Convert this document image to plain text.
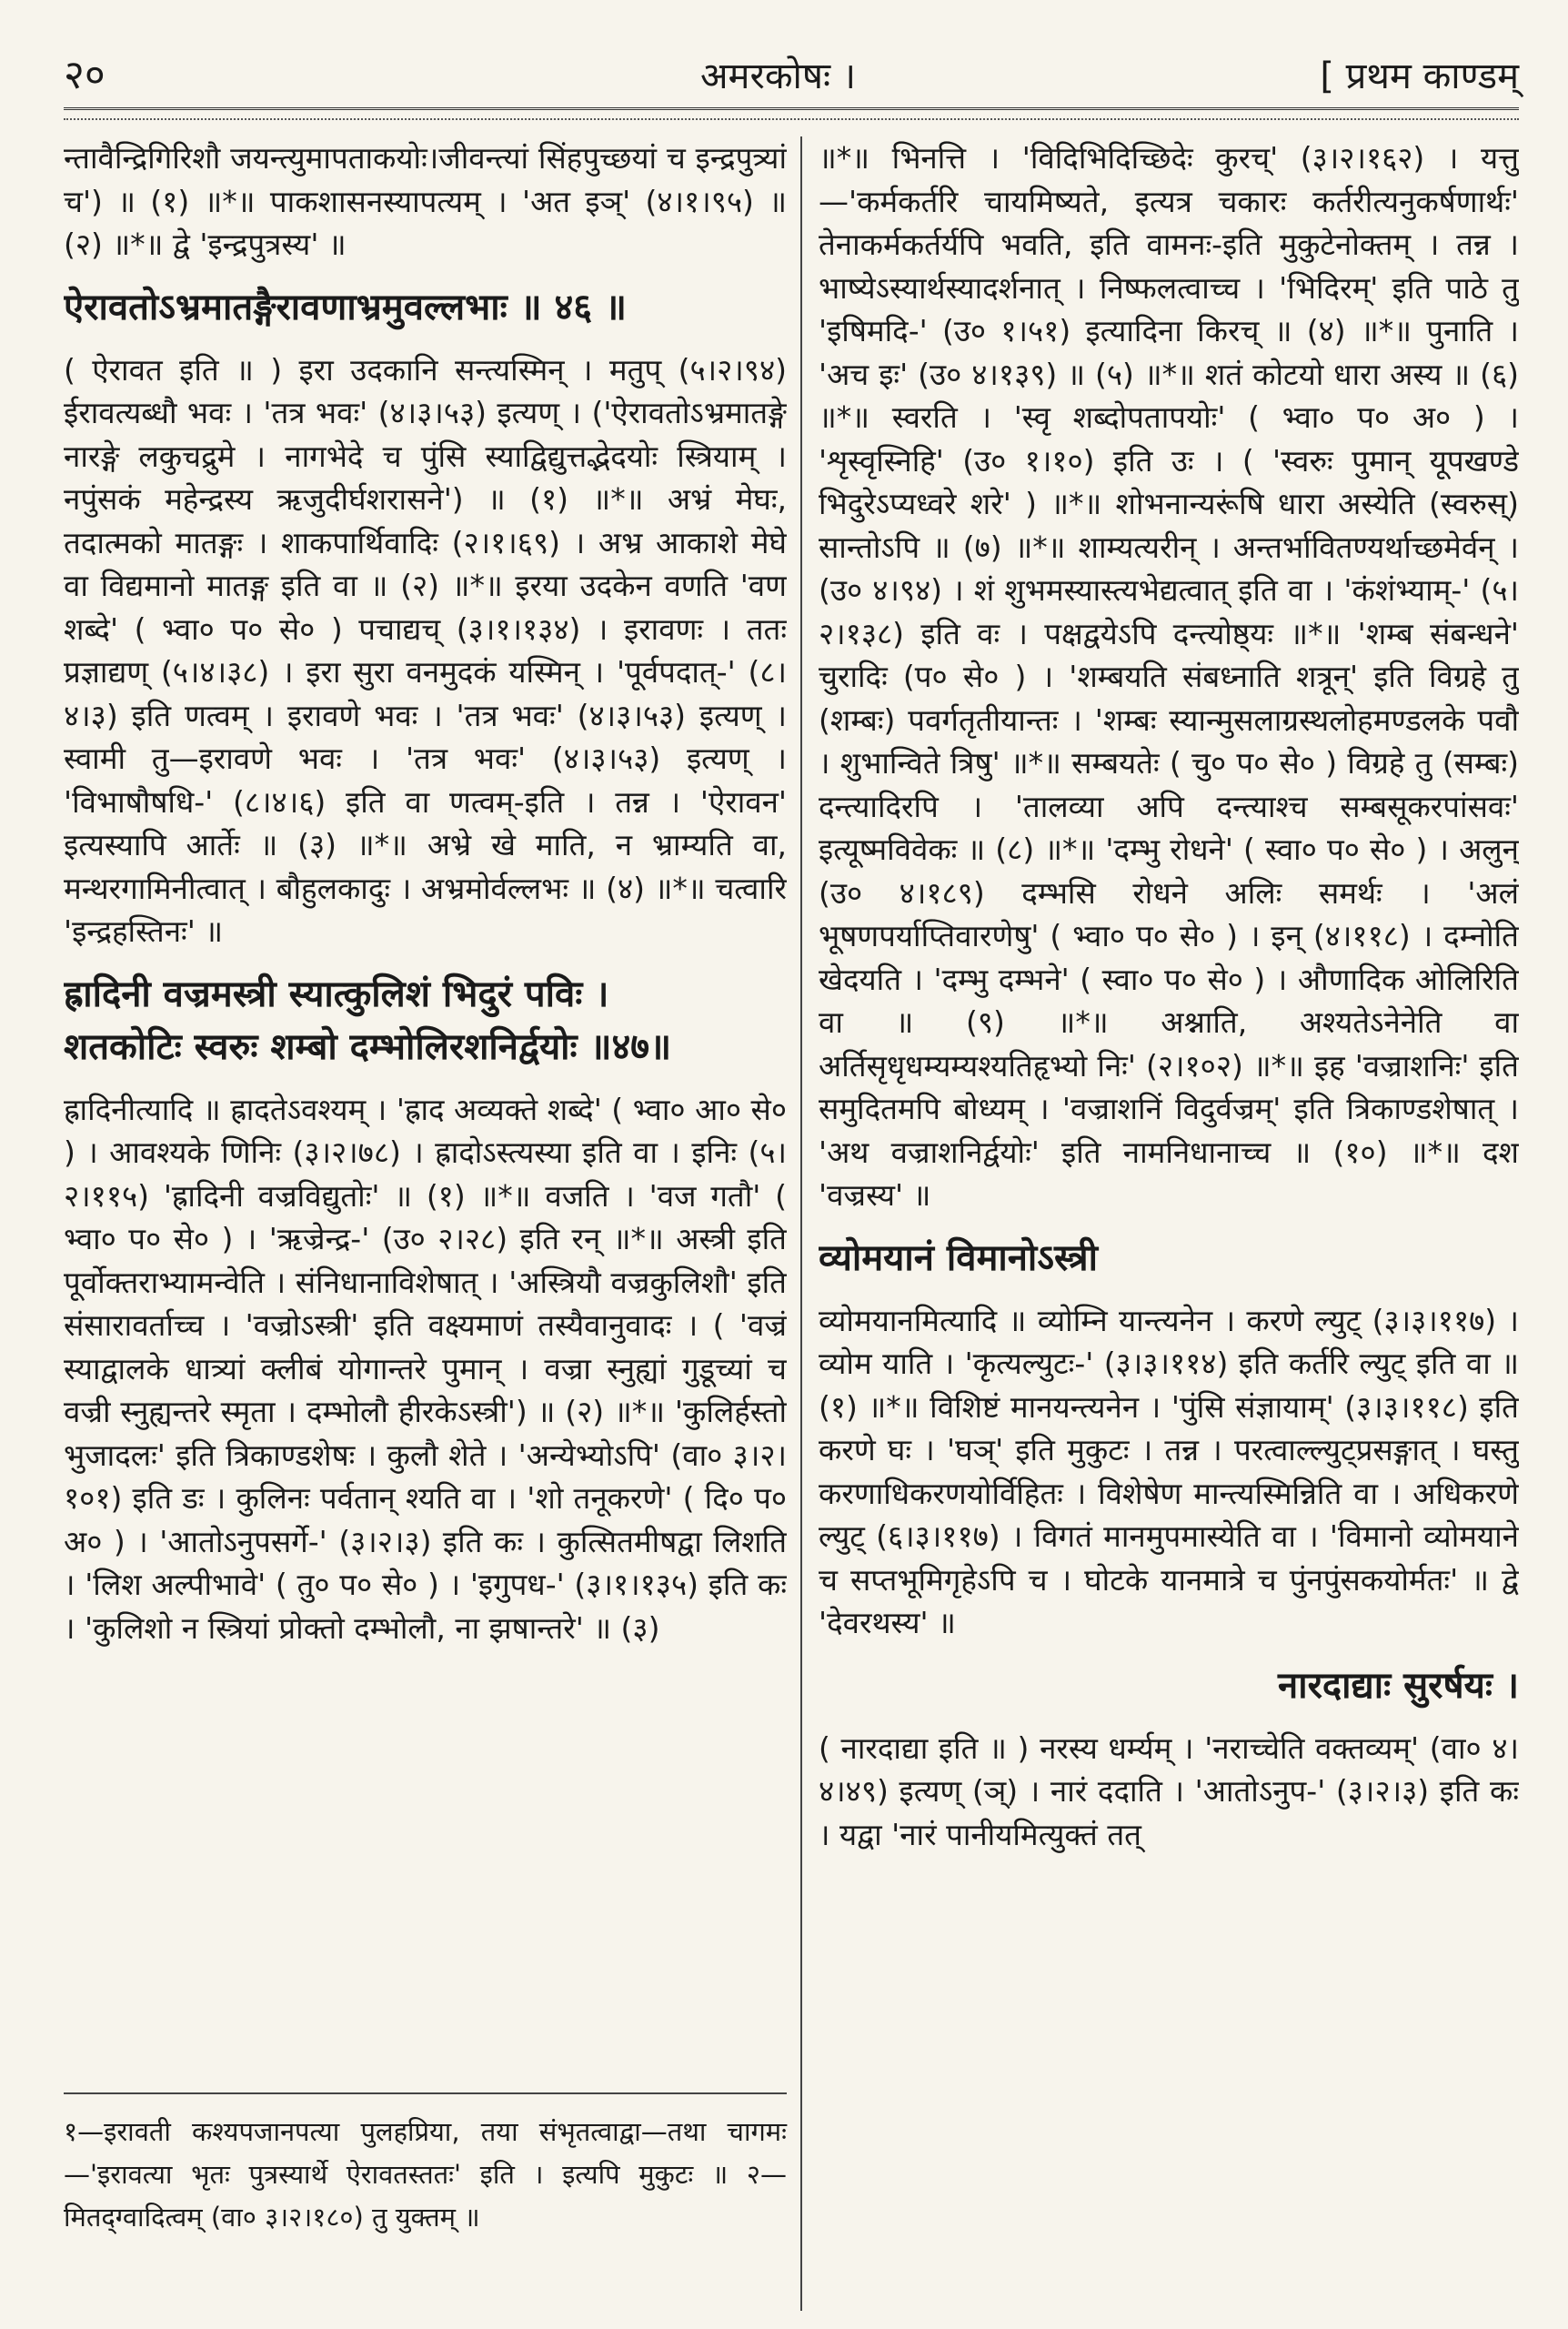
२०	अमरकोषः ।	[ प्रथम काण्डम्

न्तावैन्द्रिगिरिशौ जयन्त्युमापताकयोः।जीवन्त्यां सिंहपुच्छयां च इन्द्रपुत्र्यां च') ॥ (१) ॥*॥ पाकशासनस्यापत्यम् । 'अत इञ्' (४।१।९५) ॥ (२) ॥*॥ द्वे 'इन्द्रपुत्रस्य' ॥

ऐरावतोऽभ्रमातङ्गैरावणाभ्रमुवल्लभाः ॥ ४६ ॥

( ऐरावत इति ॥ ) इरा उदकानि सन्त्यस्मिन् । मतुप् (५।२।९४) ईरावत्यब्धौ भवः । 'तत्र भवः' (४।३।५३) इत्यण् । ('ऐरावतोऽभ्रमातङ्गे नारङ्गे लकुचद्रुमे । नागभेदे च पुंसि स्याद्विद्युत्तद्भेदयोः स्त्रियाम् । नपुंसकं महेन्द्रस्य ऋजुदीर्घशरासने') ॥ (१) ॥*॥ अभ्रं मेघः, तदात्मको मातङ्गः । शाकपार्थिवादिः (२।१।६९) । अभ्र आकाशे मेघे वा विद्यमानो मातङ्ग इति वा ॥ (२) ॥*॥ इरया उदकेन वणति 'वण शब्दे' ( भ्वा० प० से० ) पचाद्यच् (३।१।१३४) । इरावणः । ततः प्रज्ञाद्यण् (५।४।३८) । इरा सुरा वनमुदकं यस्मिन् । 'पूर्वपदात्-' (८।४।३) इति णत्वम् । इरावणे भवः । 'तत्र भवः' (४।३।५३) इत्यण् । स्वामी तु—इरावणे भवः । 'तत्र भवः' (४।३।५३) इत्यण् । 'विभाषौषधि-' (८।४।६) इति वा णत्वम्-इति । तन्न । 'ऐरावन' इत्यस्यापि आर्तेः ॥ (३) ॥*॥ अभ्रे खे माति, न भ्राम्यति वा, मन्थरगामिनीत्वात् । बौहुलकादुः । अभ्रमोर्वल्लभः ॥ (४) ॥*॥ चत्वारि 'इन्द्रहस्तिनः' ॥

ह्रादिनी वज्रमस्त्री स्यात्कुलिशं भिदुरं पविः ।

शतकोटिः स्वरुः शम्बो दम्भोलिरशनिर्द्वयोः ॥४७॥

ह्रादिनीत्यादि ॥ ह्रादतेऽवश्यम् । 'ह्राद अव्यक्ते शब्दे' ( भ्वा० आ० से० ) । आवश्यके णिनिः (३।२।७८) । ह्रादोऽस्त्यस्या इति वा । इनिः (५।२।११५) 'ह्रादिनी वज्रविद्युतोः' ॥ (१) ॥*॥ वजति । 'वज गतौ' ( भ्वा० प० से० ) । 'ऋज्रेन्द्र-' (उ० २।२८) इति रन् ॥*॥ अस्त्री इति पूर्वोक्तराभ्यामन्वेति । संनिधानाविशेषात् । 'अस्त्रियौ वज्रकुलिशौ' इति संसारावर्ताच्च । 'वज्रोऽस्त्री' इति वक्ष्यमाणं तस्यैवानुवादः । ( 'वज्रं स्याद्वालके धात्र्यां क्लीबं योगान्तरे पुमान् । वज्रा स्नुह्यां गुडूच्यां च वज्री स्नुह्यन्तरे स्मृता । दम्भोलौ हीरकेऽस्त्री') ॥ (२) ॥*॥ 'कुलिर्हस्तो भुजादलः' इति त्रिकाण्डशेषः । कुलौ शेते । 'अन्येभ्योऽपि' (वा० ३।२।१०१) इति डः । कुलिनः पर्वतान् श्यति वा । 'शो तनूकरणे' ( दि० प० अ० ) । 'आतोऽनुपसर्गे-' (३।२।३) इति कः । कुत्सितमीषद्वा लिशति । 'लिश अल्पीभावे' ( तु० प० से० ) । 'इगुपध-' (३।१।१३५) इति कः । 'कुलिशो न स्त्रियां प्रोक्तो दम्भोलौ, ना झषान्तरे' ॥ (३)

॥*॥ भिनत्ति । 'विदिभिदिच्छिदेः कुरच्' (३।२।१६२) । यत्तु—'कर्मकर्तरि चायमिष्यते, इत्यत्र चकारः कर्तरीत्यनुकर्षणार्थः' तेनाकर्मकर्तर्यपि भवति, इति वामनः-इति मुकुटेनोक्तम् । तन्न । भाष्येऽस्यार्थस्यादर्शनात् । निष्फलत्वाच्च । 'भिदिरम्' इति पाठे तु 'इषिमदि-' (उ० १।५१) इत्यादिना किरच् ॥ (४) ॥*॥ पुनाति । 'अच इः' (उ० ४।१३९) ॥ (५) ॥*॥ शतं कोटयो धारा अस्य ॥ (६) ॥*॥ स्वरति । 'स्वृ शब्दोपतापयोः' ( भ्वा० प० अ० ) । 'शृस्वृस्निहि' (उ० १।१०) इति उः । ( 'स्वरुः पुमान् यूपखण्डे भिदुरेऽप्यध्वरे शरे' ) ॥*॥ शोभनान्यरूंषि धारा अस्येति (स्वरुस्) सान्तोऽपि ॥ (७) ॥*॥ शाम्यत्यरीन् । अन्तर्भावितण्यर्थाच्छमेर्वन् । (उ० ४।९४) । शं शुभमस्यास्त्यभेद्यत्वात् इति वा । 'कंशंभ्याम्-' (५।२।१३८) इति वः । पक्षद्वयेऽपि दन्त्योष्ठ्यः ॥*॥ 'शम्ब संबन्धने' चुरादिः (प० से० ) । 'शम्बयति संबध्नाति शत्रून्' इति विग्रहे तु (शम्बः) पवर्गतृतीयान्तः । 'शम्बः स्यान्मुसलाग्रस्थलोहमण्डलके पवौ । शुभान्विते त्रिषु' ॥*॥ सम्बयतेः ( चु० प० से० ) विग्रहे तु (सम्बः) दन्त्यादिरपि । 'तालव्या अपि दन्त्याश्च सम्बसूकरपांसवः' इत्यूष्मविवेकः ॥ (८) ॥*॥ 'दम्भु रोधने' ( स्वा० प० से० ) । अलुन् (उ० ४।१८९) दम्भसि रोधने अलिः समर्थः । 'अलं भूषणपर्याप्तिवारणेषु' ( भ्वा० प० से० ) । इन् (४।११८) । दम्नोति खेदयति । 'दम्भु दम्भने' ( स्वा० प० से० ) । औणादिक ओलिरिति वा ॥ (९) ॥*॥ अश्नाति, अश्यतेऽनेनेति वा अर्तिसृधृधम्यम्यश्यतिहृभ्यो निः' (२।१०२) ॥*॥ इह 'वज्राशनिः' इति समुदितमपि बोध्यम् । 'वज्राशनिं विदुर्वज्रम्' इति त्रिकाण्डशेषात् । 'अथ वज्राशनिर्द्वयोः' इति नामनिधानाच्च ॥ (१०) ॥*॥ दश 'वज्रस्य' ॥

व्योमयानं विमानोऽस्त्री

व्योमयानमित्यादि ॥ व्योम्नि यान्त्यनेन । करणे ल्युट् (३।३।११७) । व्योम याति । 'कृत्यल्युटः-' (३।३।११४) इति कर्तरि ल्युट् इति वा ॥ (१) ॥*॥ विशिष्टं मानयन्त्यनेन । 'पुंसि संज्ञायाम्' (३।३।११८) इति करणे घः । 'घञ्' इति मुकुटः । तन्न । परत्वाल्ल्युट्प्रसङ्गात् । घस्तु करणाधिकरणयोर्विहितः । विशेषेण मान्त्यस्मिन्निति वा । अधिकरणे ल्युट् (६।३।११७) । विगतं मानमुपमास्येति वा । 'विमानो व्योमयाने च सप्तभूमिगृहेऽपि च । घोटके यानमात्रे च पुंनपुंसकयोर्मतः' ॥ द्वे 'देवरथस्य' ॥

नारदाद्याः सुरर्षयः ।

( नारदाद्या इति ॥ ) नरस्य धर्म्यम् । 'नराच्चेति वक्तव्यम्' (वा० ४।४।४९) इत्यण् (ञ्) । नारं ददाति । 'आतोऽनुप-' (३।२।३) इति कः । यद्वा 'नारं पानीयमित्युक्तं तत्

१—इरावती कश्यपजानपत्या पुलहप्रिया, तया संभृतत्वाद्वा—तथा चागमः—'इरावत्या भृतः पुत्रस्यार्थे ऐरावतस्ततः' इति । इत्यपि मुकुटः ॥ २—मितद्ग्वादित्वम् (वा० ३।२।१८०) तु युक्तम् ॥
